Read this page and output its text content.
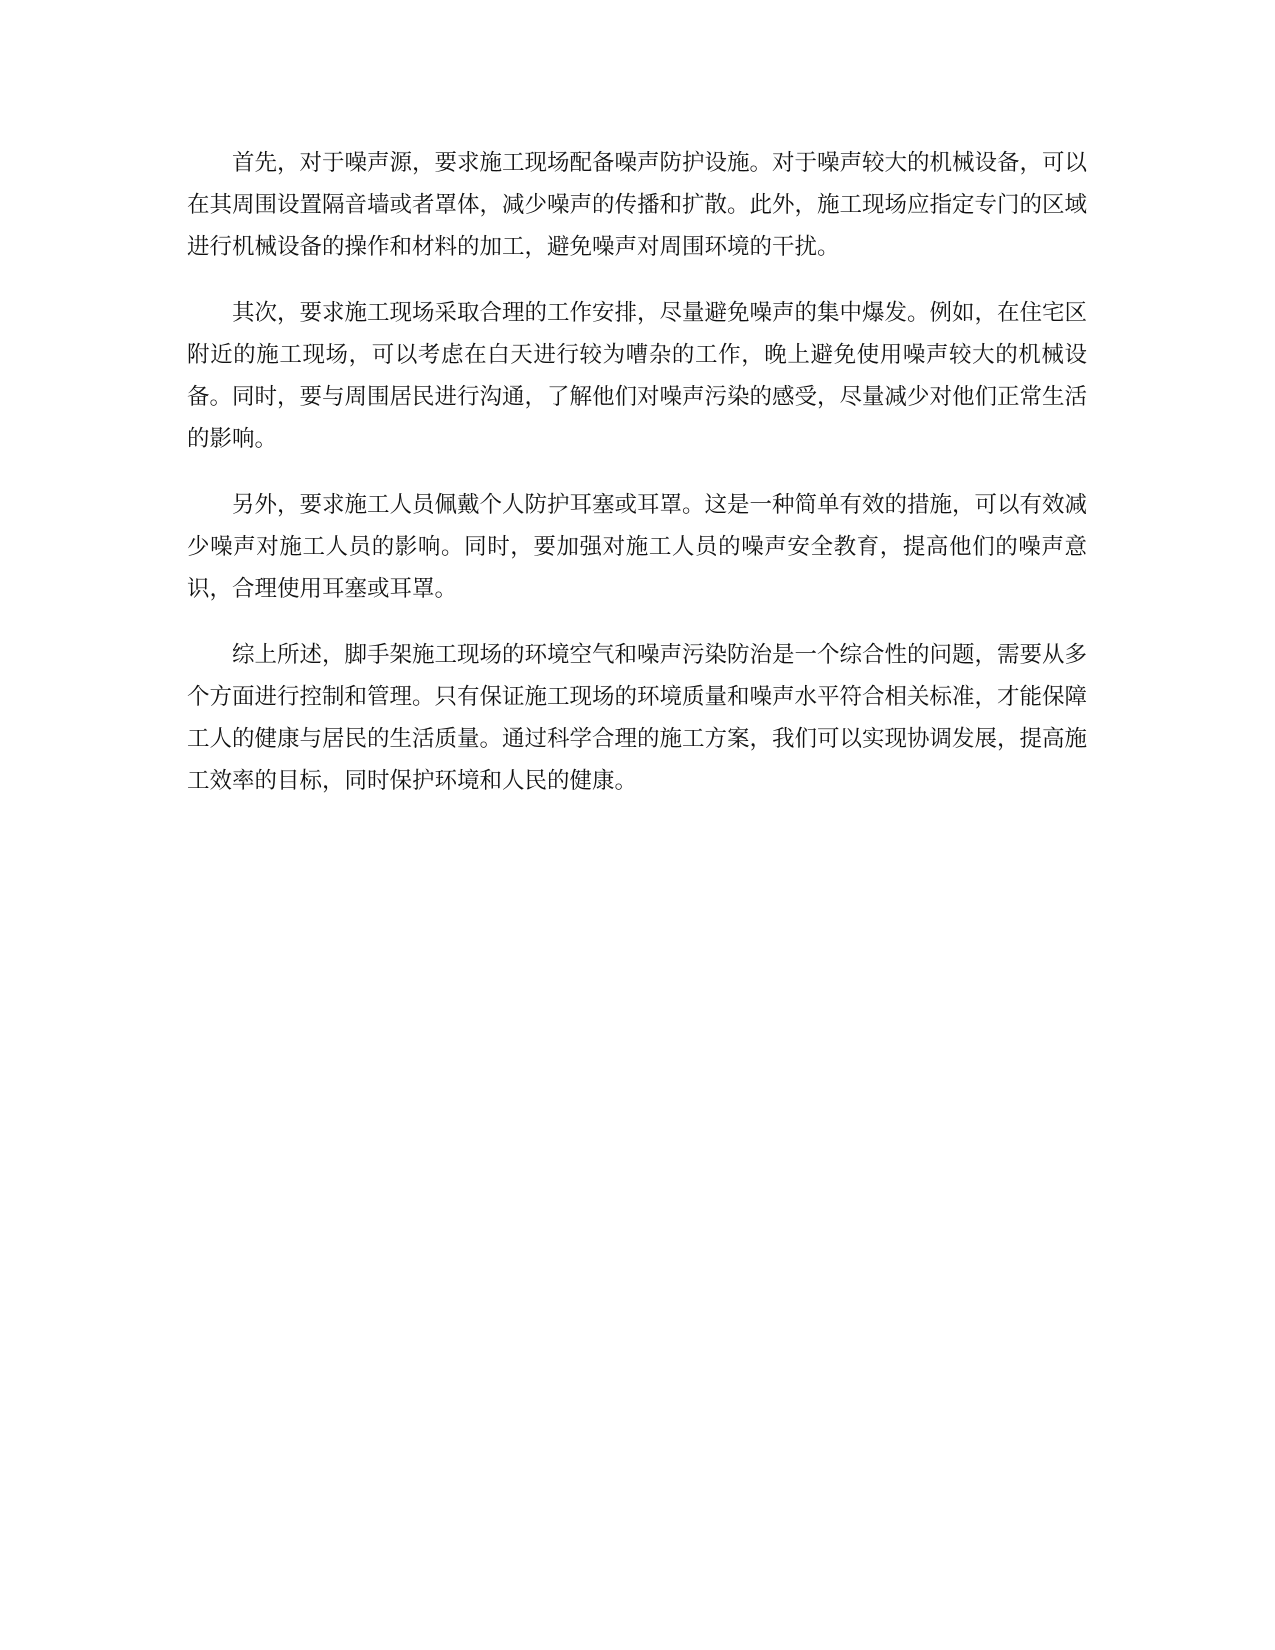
首先，对于噪声源，要求施工现场配备噪声防护设施。对于噪声较大的机械设备，可以在其周围设置隔音墙或者罩体，减少噪声的传播和扩散。此外，施工现场应指定专门的区域进行机械设备的操作和材料的加工，避免噪声对周围环境的干扰。

其次，要求施工现场采取合理的工作安排，尽量避免噪声的集中爆发。例如，在住宅区附近的施工现场，可以考虑在白天进行较为嘈杂的工作，晚上避免使用噪声较大的机械设备。同时，要与周围居民进行沟通，了解他们对噪声污染的感受，尽量减少对他们正常生活的影响。

另外，要求施工人员佩戴个人防护耳塞或耳罩。这是一种简单有效的措施，可以有效减少噪声对施工人员的影响。同时，要加强对施工人员的噪声安全教育，提高他们的噪声意识，合理使用耳塞或耳罩。

综上所述，脚手架施工现场的环境空气和噪声污染防治是一个综合性的问题，需要从多个方面进行控制和管理。只有保证施工现场的环境质量和噪声水平符合相关标准，才能保障工人的健康与居民的生活质量。通过科学合理的施工方案，我们可以实现协调发展，提高施工效率的目标，同时保护环境和人民的健康。
